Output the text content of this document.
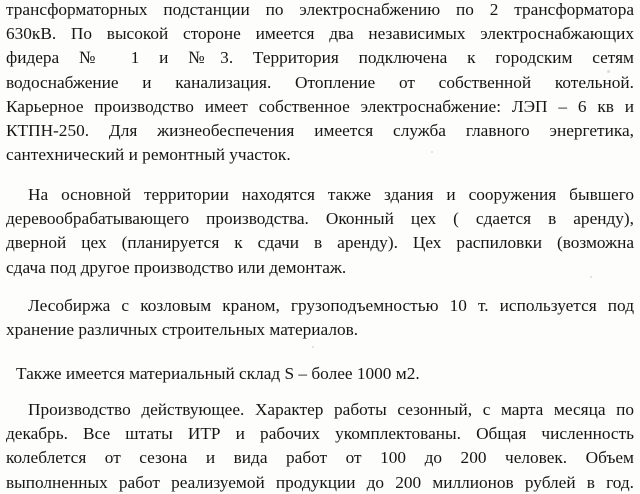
трансформаторных подстанции по электроснабжению по 2 трансформатора
630кВ. По высокой стороне имеется два независимых электроснабжающих
фидера № 1 и №3. Территория подключена к городским сетям
водоснабжение и канализация. Отопление от собственной котельной.
Карьерное производство имеет собственное электроснабжение: ЛЭП – 6 кв и
КТПН-250. Для жизнеобеспечения имеется служба главного энергетика,
сантехнический и ремонтный участок.
На основной территории находятся также здания и сооружения бывшего
деревообрабатывающего производства. Оконный цех ( сдается в аренду),
дверной цех (планируется к сдачи в аренду). Цех распиловки (возможна
сдача под другое производство или демонтаж.
Лесобиржа с козловым краном, грузоподъемностью 10 т. используется под
хранение различных строительных материалов.
Также имеется материальный склад S – более 1000 м2.
Производство действующее. Характер работы сезонный, с марта месяца по
декабрь. Все штаты ИТР и рабочих укомплектованы. Общая численность
колеблется от сезона и вида работ от 100 до 200 человек. Объем
выполненных работ реализуемой продукции до 200 миллионов рублей в год.
